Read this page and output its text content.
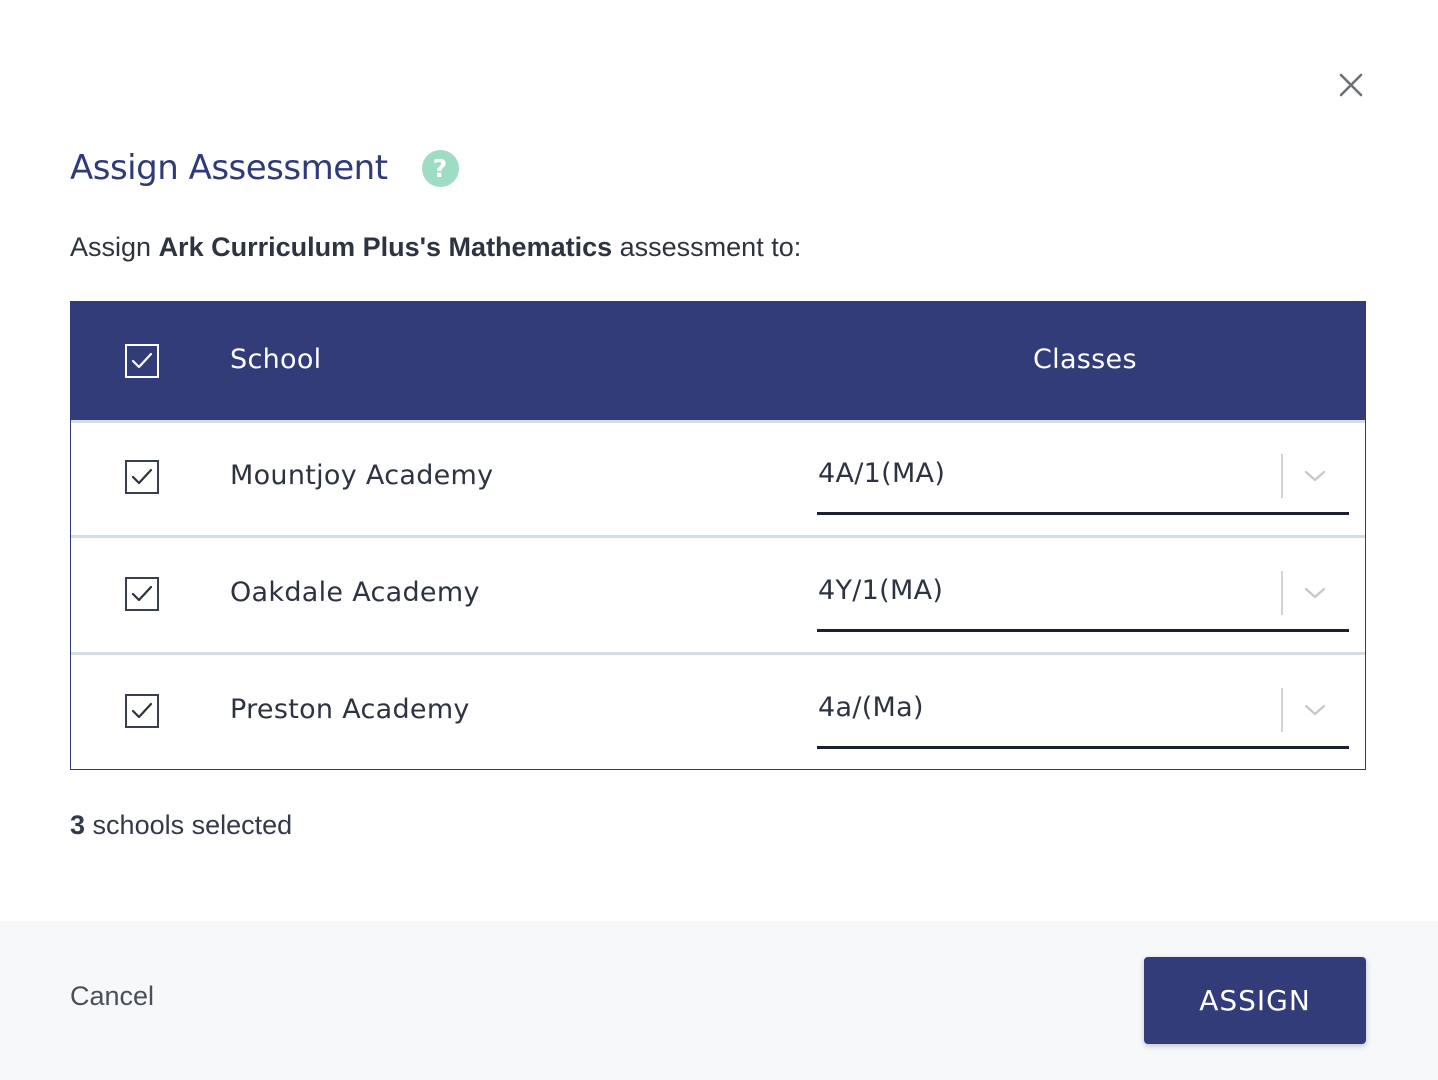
Assign Assessment	?

Assign Ark Curriculum Plus's Mathematics assessment to:

School	Classes
Mountjoy Academy	4A/1(MA)
Oakdale Academy	4Y/1(MA)
Preston Academy	4a/(Ma)

3 schools selected

Cancel	ASSIGN
